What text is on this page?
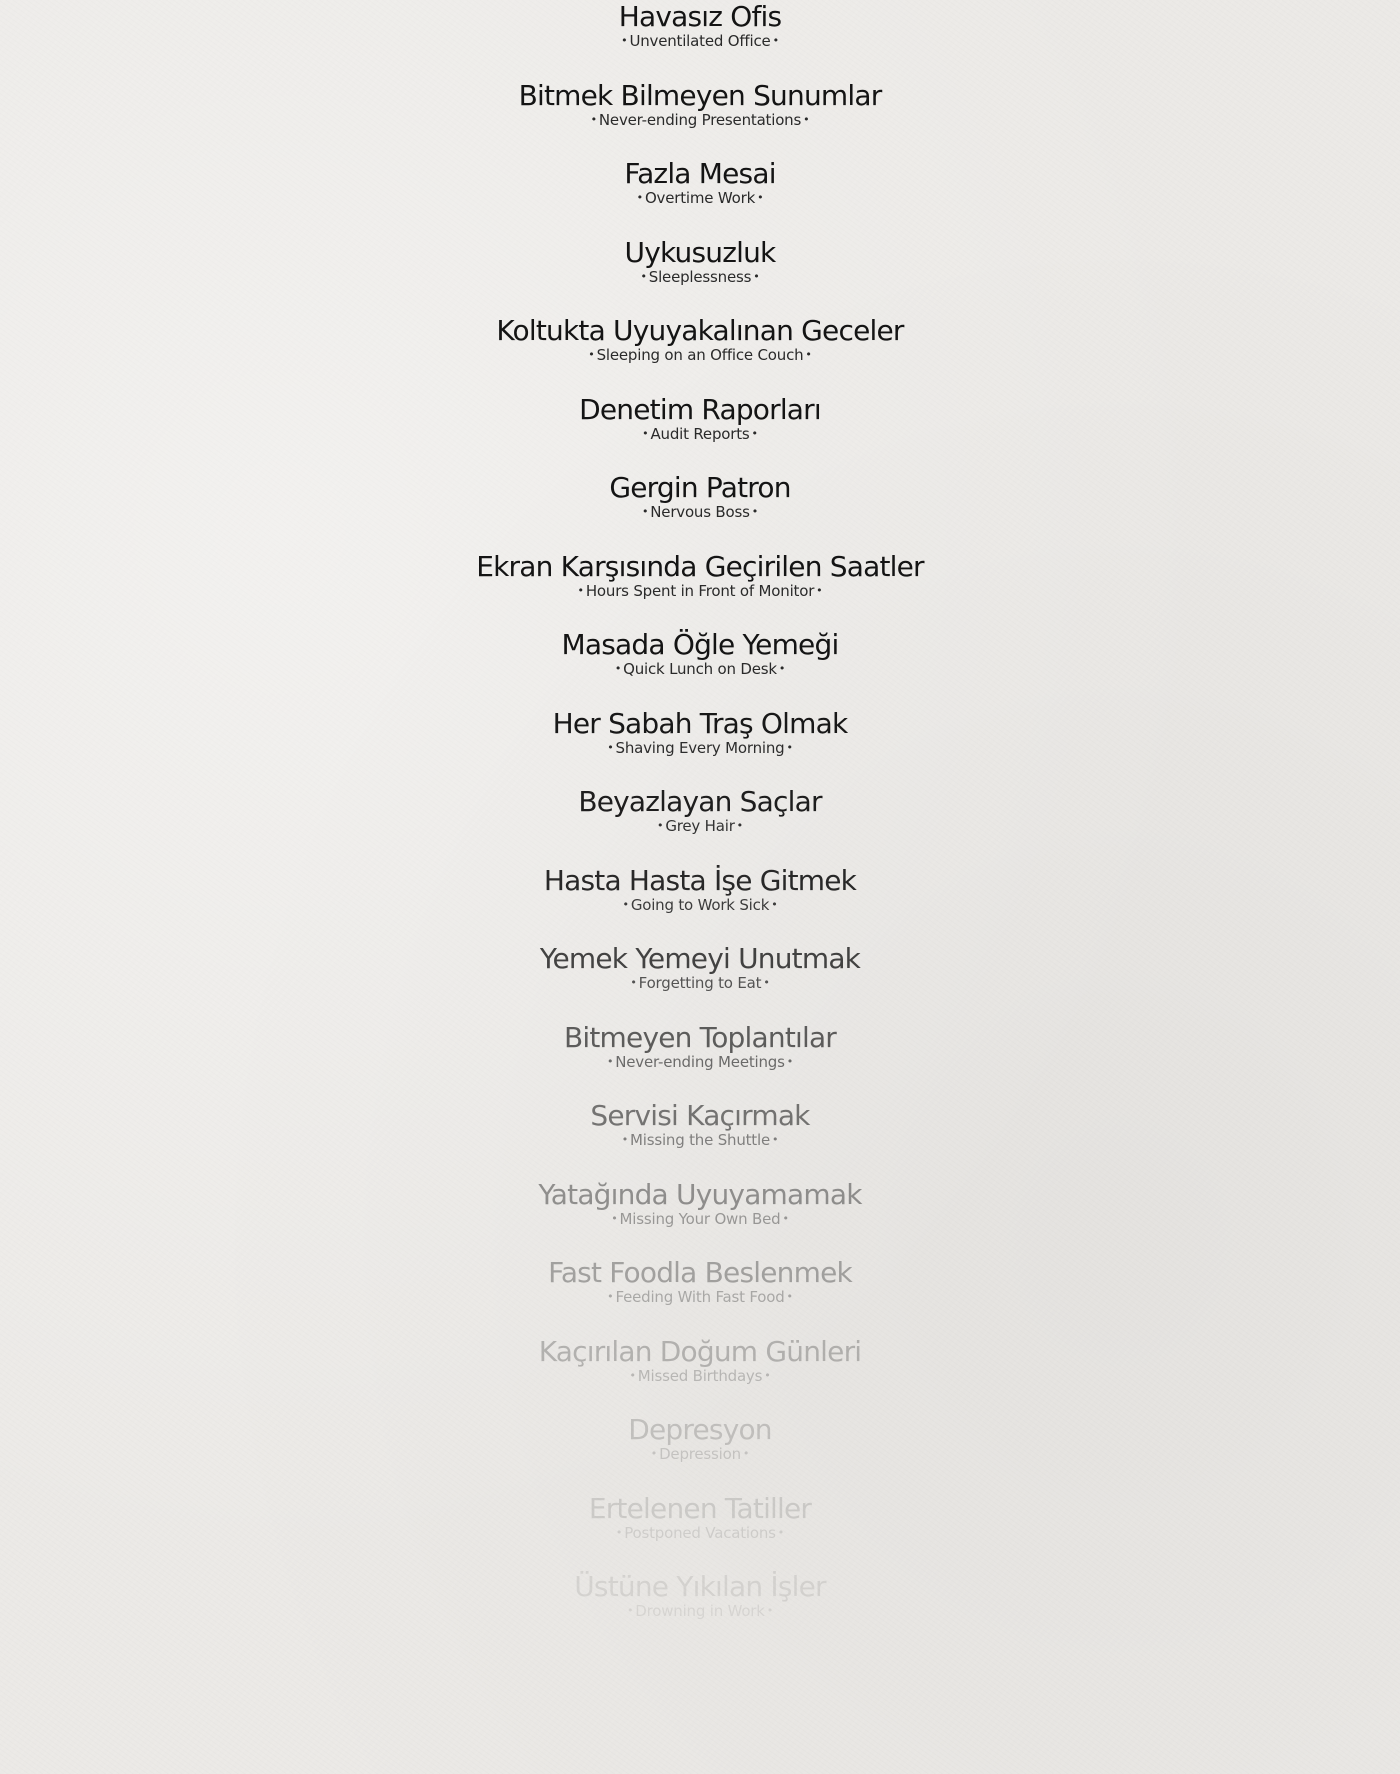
Havasız Ofis
• Unventilated Office •
Bitmek Bilmeyen Sunumlar
• Never-ending Presentations •
Fazla Mesai
• Overtime Work •
Uykusuzluk
• Sleeplessness •
Koltukta Uyuyakalınan Geceler
• Sleeping on an Office Couch •
Denetim Raporları
• Audit Reports •
Gergin Patron
• Nervous Boss •
Ekran Karşısında Geçirilen Saatler
• Hours Spent in Front of Monitor •
Masada Öğle Yemeği
• Quick Lunch on Desk •
Her Sabah Traş Olmak
• Shaving Every Morning •
Beyazlayan Saçlar
• Grey Hair •
Hasta Hasta İşe Gitmek
• Going to Work Sick •
Yemek Yemeyi Unutmak
• Forgetting to Eat •
Bitmeyen Toplantılar
• Never-ending Meetings •
Servisi Kaçırmak
• Missing the Shuttle •
Yatağında Uyuyamamak
• Missing Your Own Bed •
Fast Foodla Beslenmek
• Feeding With Fast Food •
Kaçırılan Doğum Günleri
• Missed Birthdays •
Depresyon
• Depression •
Ertelenen Tatiller
• Postponed Vacations •
Üstüne Yıkılan İşler
• Drowning in Work •
